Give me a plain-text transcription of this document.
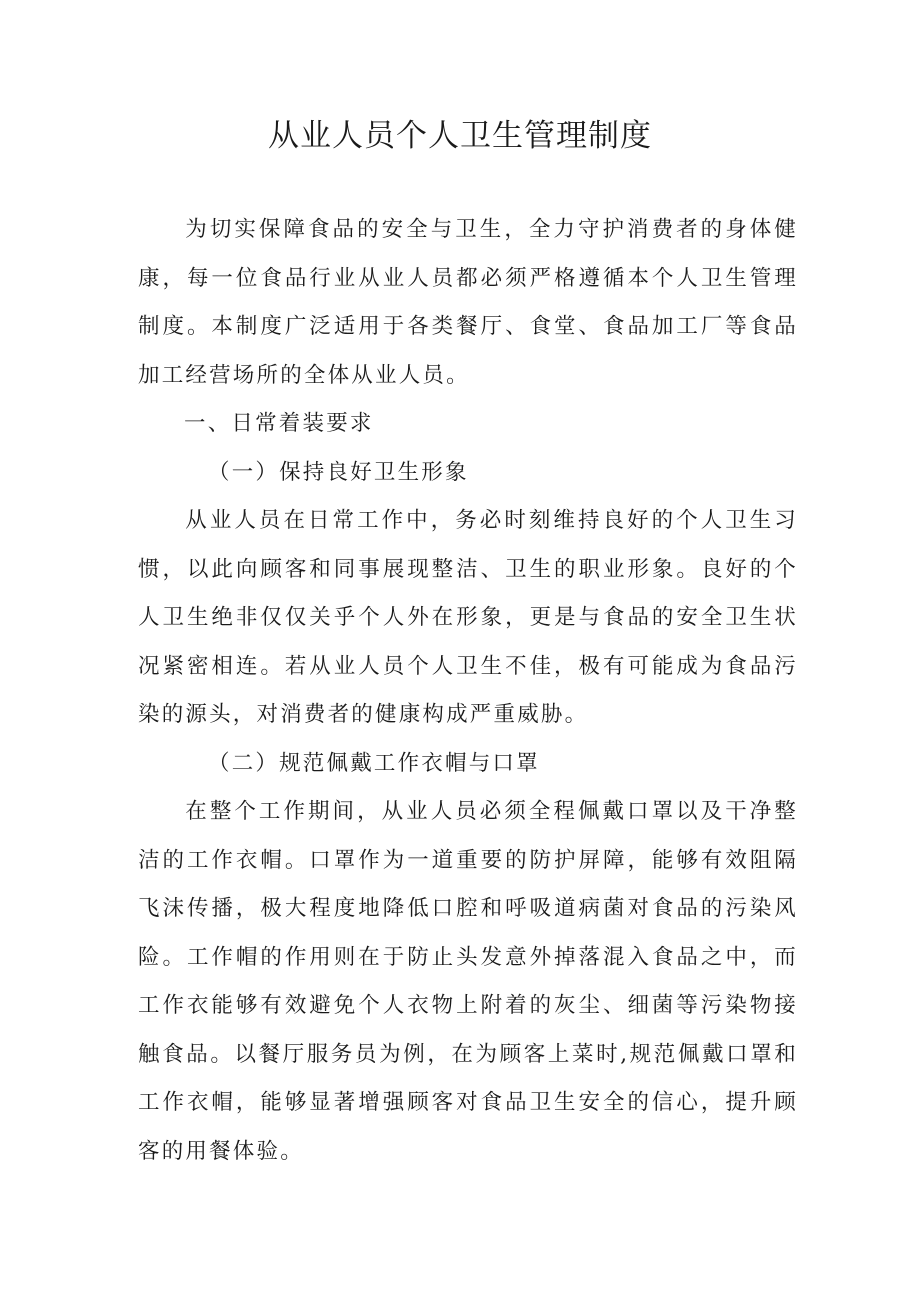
从业人员个人卫生管理制度

为切实保障食品的安全与卫生，全力守护消费者的身体健康，每一位食品行业从业人员都必须严格遵循本个人卫生管理制度。本制度广泛适用于各类餐厅、食堂、食品加工厂等食品加工经营场所的全体从业人员。

一、日常着装要求

（一）保持良好卫生形象

从业人员在日常工作中，务必时刻维持良好的个人卫生习惯，以此向顾客和同事展现整洁、卫生的职业形象。良好的个人卫生绝非仅仅关乎个人外在形象，更是与食品的安全卫生状况紧密相连。若从业人员个人卫生不佳，极有可能成为食品污染的源头，对消费者的健康构成严重威胁。

（二）规范佩戴工作衣帽与口罩

在整个工作期间，从业人员必须全程佩戴口罩以及干净整洁的工作衣帽。口罩作为一道重要的防护屏障，能够有效阻隔飞沫传播，极大程度地降低口腔和呼吸道病菌对食品的污染风险。工作帽的作用则在于防止头发意外掉落混入食品之中，而工作衣能够有效避免个人衣物上附着的灰尘、细菌等污染物接触食品。以餐厅服务员为例，在为顾客上菜时,规范佩戴口罩和工作衣帽，能够显著增强顾客对食品卫生安全的信心，提升顾客的用餐体验。
